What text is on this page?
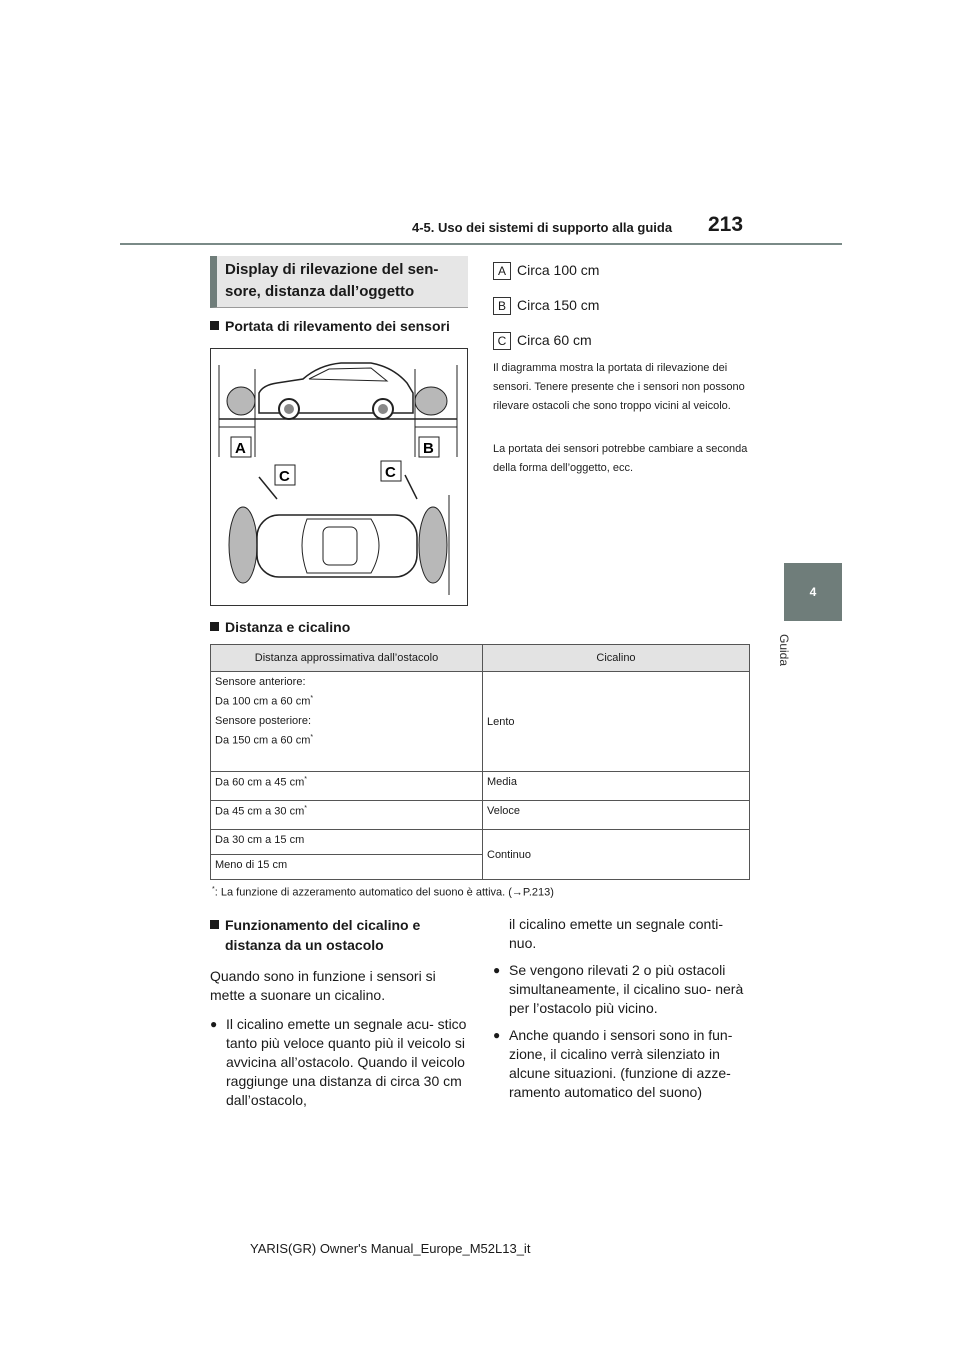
4-5. Uso dei sistemi di supporto alla guida 213
4
Guida
Display di rilevazione del sen-
sore, distanza dall’oggetto
Portata di rilevamento dei sensori
A	B
C	C
A Circa 100 cm
B Circa 150 cm
C Circa 60 cm
Il diagramma mostra la portata di rilevazione dei sensori. Tenere presente che i sensori non possono rilevare ostacoli che sono troppo vicini al veicolo.
La portata dei sensori potrebbe cambiare a seconda della forma dell’oggetto, ecc.
Distanza e cicalino
Distanza approssimativa dall’ostacolo	Cicalino

Sensore anteriore:

Da 100 cm a 60 cm*

Sensore posteriore:

Da 150 cm a 60 cm*	Lento
Da 60 cm a 45 cm*	Media
Da 45 cm a 30 cm*	Veloce
Da 30 cm a 15 cm	Continuo
Meno di 15 cm	
*: La funzione di azzeramento automatico del suono è attiva. (→P.213)
Funzionamento del cicalino e
distanza da un ostacolo
Quando sono in funzione i sensori si mette a suonare un cicalino.
● Il cicalino emette un segnale acu- stico tanto più veloce quanto più il veicolo si avvicina all’ostacolo. Quando il veicolo raggiunge una distanza di circa 30 cm dall’ostacolo,
il cicalino emette un segnale conti- nuo.
● Se vengono rilevati 2 o più ostacoli simultaneamente, il cicalino suo- nerà per l’ostacolo più vicino.
● Anche quando i sensori sono in fun- zione, il cicalino verrà silenziato in alcune situazioni. (funzione di azze- ramento automatico del suono)
YARIS(GR) Owner's Manual_Europe_M52L13_it
